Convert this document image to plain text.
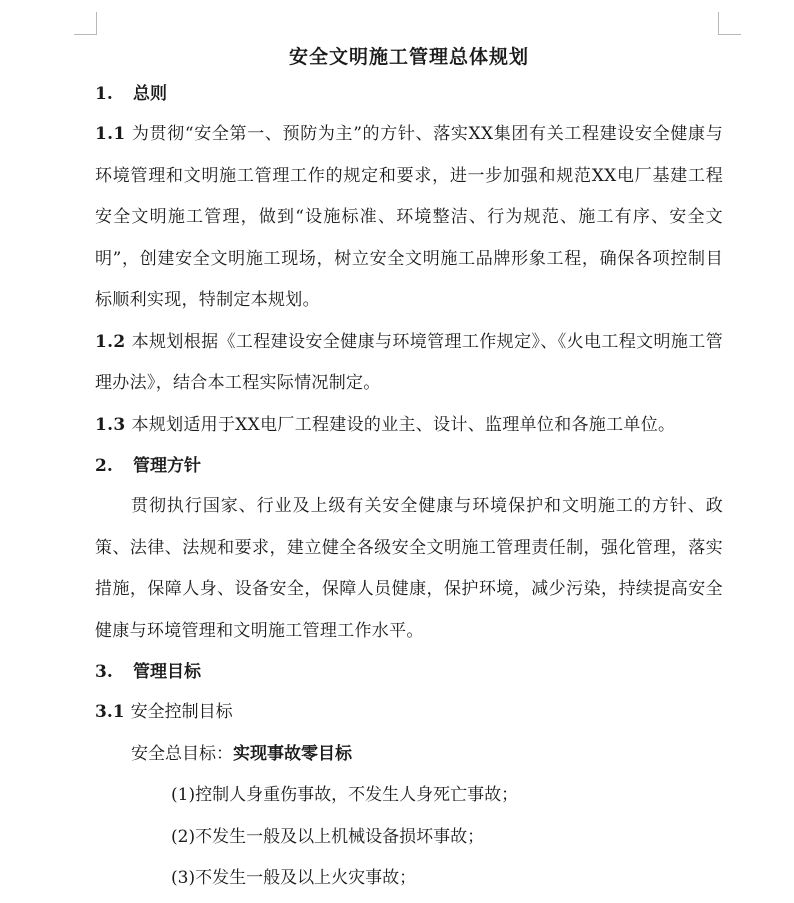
安全文明施工管理总体规划
1. 总则
1.1 为贯彻“安全第一、预防为主”的方针、落实XX集团有关工程建设安全健康与环境管理和文明施工管理工作的规定和要求，进一步加强和规范XX电厂基建工程安全文明施工管理，做到“设施标准、环境整洁、行为规范、施工有序、安全文明”，创建安全文明施工现场，树立安全文明施工品牌形象工程，确保各项控制目标顺利实现，特制定本规划。
1.2 本规划根据《工程建设安全健康与环境管理工作规定》、《火电工程文明施工管理办法》，结合本工程实际情况制定。
1.3 本规划适用于XX电厂工程建设的业主、设计、监理单位和各施工单位。
2. 管理方针
贯彻执行国家、行业及上级有关安全健康与环境保护和文明施工的方针、政策、法律、法规和要求，建立健全各级安全文明施工管理责任制，强化管理，落实措施，保障人身、设备安全，保障人员健康，保护环境，减少污染，持续提高安全健康与环境管理和文明施工管理工作水平。
3. 管理目标
3.1 安全控制目标
安全总目标：实现事故零目标
(1)控制人身重伤事故，不发生人身死亡事故；
(2)不发生一般及以上机械设备损坏事故；
(3)不发生一般及以上火灾事故；
